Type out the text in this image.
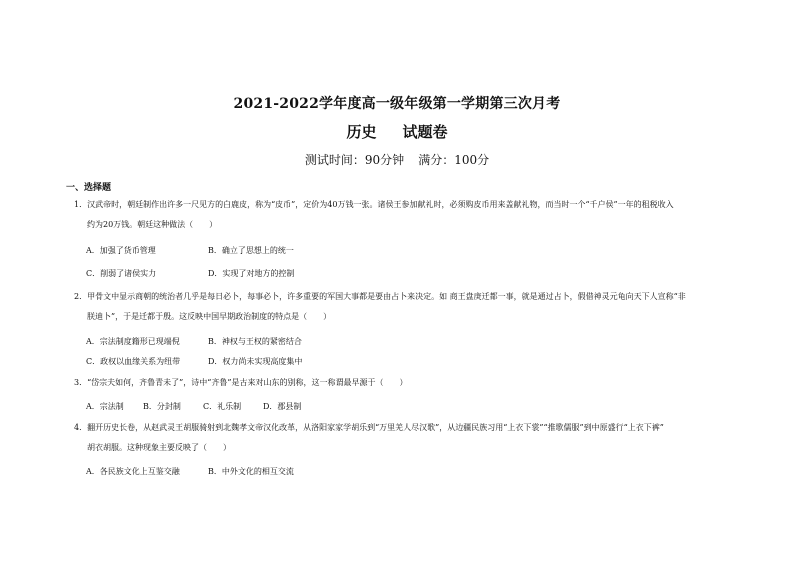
2021-2022学年度高一级年级第一学期第三次月考
历史 试题卷
测试时间：90分钟 满分：100分
一、选择题
1．汉武帝时，朝廷制作出许多一尺见方的白鹿皮，称为“皮币”，定价为40万钱一张。诸侯王参加献礼时，必须购皮币用来盖献礼物，而当时一个“千户侯”一年的租税收入
约为20万钱。朝廷这种做法（　　）
A．加强了货币管理	B．确立了思想上的统一
C．削弱了诸侯实力	D．实现了对地方的控制
2．甲骨文中显示商朝的统治者几乎是每日必卜，每事必卜，许多重要的军国大事都是要由占卜来决定。如 商王盘庚迁都一事，就是通过占卜，假借神灵元龟向天下人宣称“非
朕迪卜”，于是迁都于殷。这反映中国早期政治制度的特点是（　　）
A．宗法制度籍形已现端倪	B．神权与王权的紧密结合
C．政权以血缘关系为纽带	D．权力尚未实现高度集中
3．“岱宗夫如何，齐鲁青未了”，诗中“齐鲁”是古来对山东的别称，这一称谓最早源于（　　）
A．宗法制 B．分封制	C．礼乐制	D．郡县制
4．翻开历史长卷，从赵武灵王胡服骑射到北魏孝文帝汉化改革，从洛阳家家学胡乐到“万里羌人尽汉歌”，从边疆民族习用“上衣下裳”“推歌儒服”到中原盛行“上衣下裤”
胡衣胡服。这种现象主要反映了（　　）
A．各民族文化上互鉴交融	B．中外文化的相互交流
